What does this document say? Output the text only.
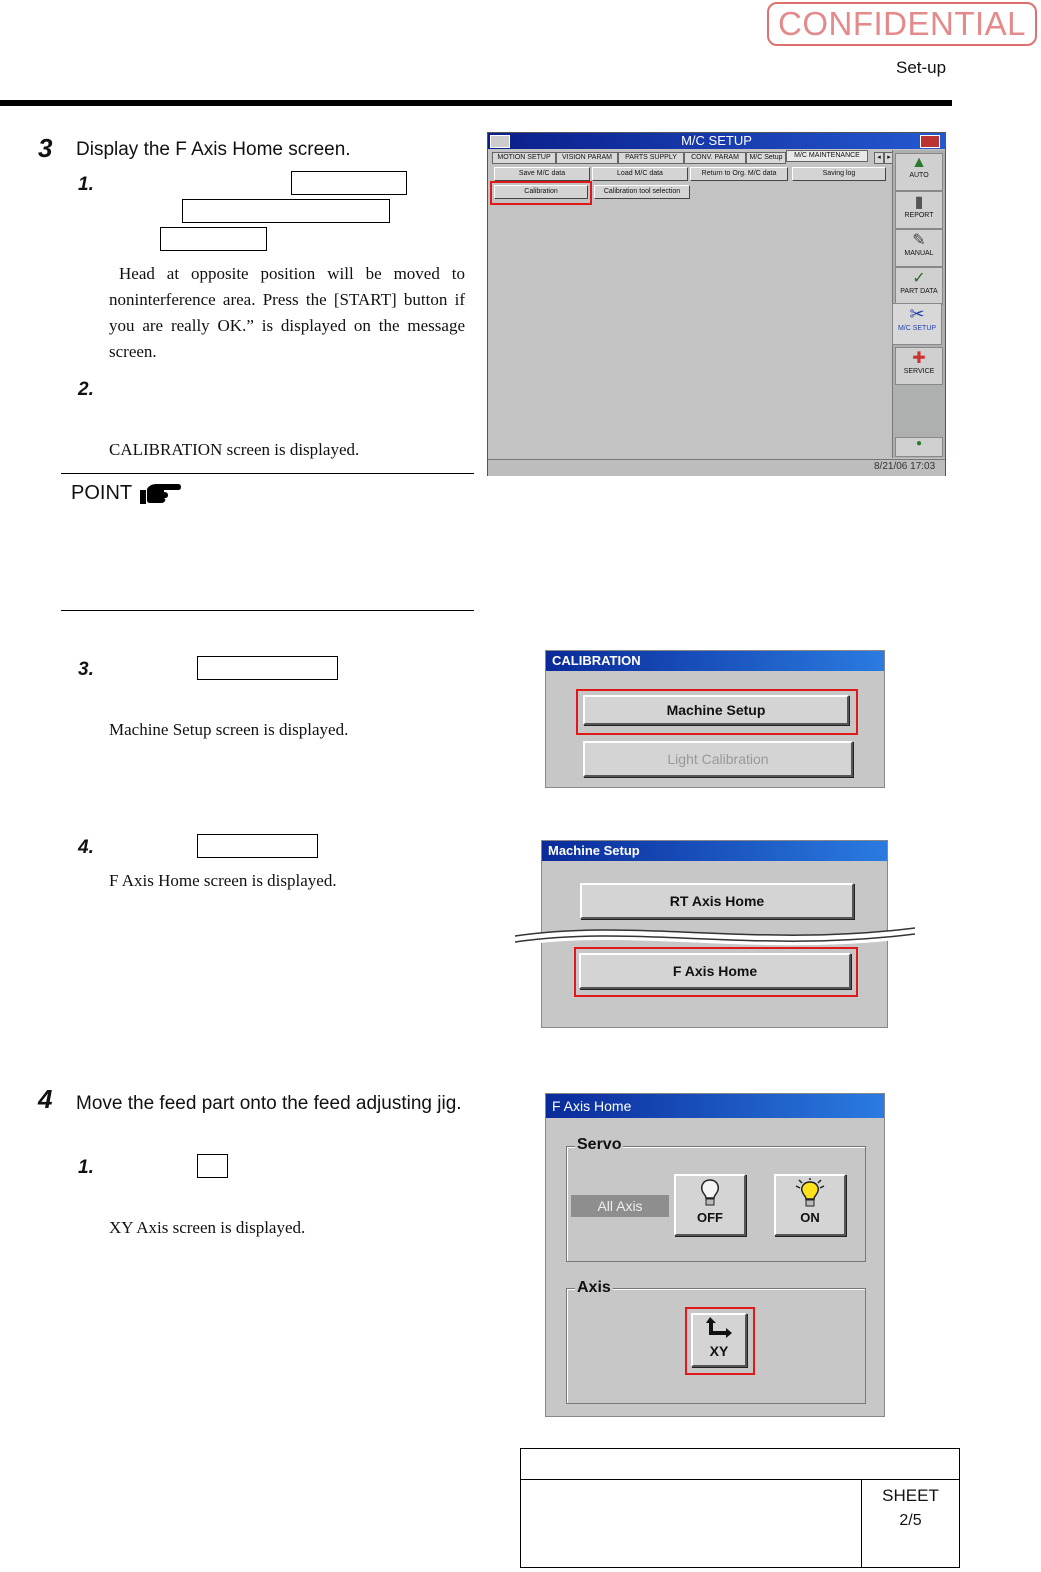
CONFIDENTIAL
Set-up
3 Display the F Axis Home screen.
1.
Head at opposite position will be moved to noninterference area. Press the [START] button if you are really OK.” is displayed on the message screen.
2.
CALIBRATION screen is displayed.
POINT
M/C SETUP
MOTION SETUP	VISION PARAM	PARTS SUPPLY	CONV. PARAM	M/C Setup	M/C MAINTENANCE	◂ ▸
Save M/C data	Load M/C data	Return to Org. M/C data	Saving log
Calibration	Calibration tool selection
▲
AUTO
▮
REPORT
✎
MANUAL
✓
PART DATA
✂
M/C SETUP
✚
SERVICE
●
8/21/06 17:03
3.
Machine Setup screen is displayed.
CALIBRATION
Machine Setup
Light Calibration
4.
F Axis Home screen is displayed.
Machine Setup
RT Axis Home
F Axis Home
4 Move the feed part onto the feed adjusting jig.
1.
XY Axis screen is displayed.
F Axis Home
Servo
All Axis
OFF	ON
Axis
XY

SHEET
2/5
